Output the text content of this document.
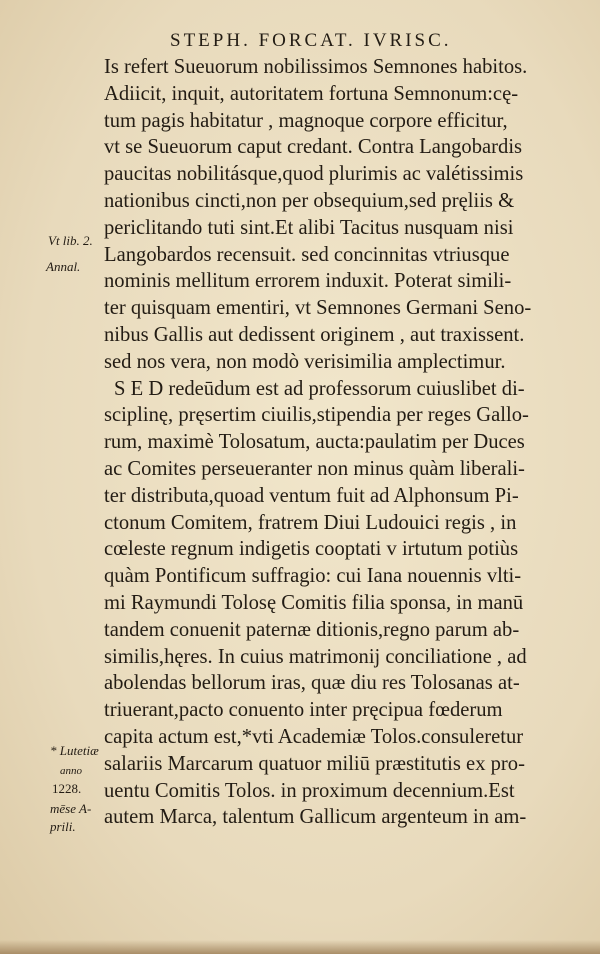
STEPH. FORCAT. IVRISC.
Is refert Sueuorum nobilissimos Semnones habitos.
Adiicit, inquit, autoritatem fortuna Semnonum:cę-
tum pagis habitatur , magnoque corpore efficitur,
vt se Sueuorum caput credant. Contra Langobardis
paucitas nobilitásque,quod plurimis ac valétissimis
nationibus cincti,non per obsequium,sed pręliis &
periclitando tuti sint.Et alibi Tacitus nusquam nisi
Langobardos recensuit. sed concinnitas vtriusque
nominis mellitum errorem induxit. Poterat simili-
ter quisquam ementiri, vt Semnones Germani Seno-
nibus Gallis aut dedissent originem , aut traxissent.
sed nos vera, non modò verisimilia amplectimur.
S E D redeūdum est ad professorum cuiuslibet di-
sciplinę, pręsertim ciuilis,stipendia per reges Gallo-
rum, maximè Tolosatum, aucta:paulatim per Duces
ac Comites perseueranter non minus quàm liberali-
ter distributa,quoad ventum fuit ad Alphonsum Pi-
ctonum Comitem, fratrem Diui Ludouici regis , in
cœleste regnum indigetis cooptati v irtutum potiùs
quàm Pontificum suffragio: cui Iana nouennis vlti-
mi Raymundi Tolosę Comitis filia sponsa, in manū
tandem conuenit paternæ ditionis,regno parum ab-
similis,hęres. In cuius matrimonij conciliatione , ad
abolendas bellorum iras, quæ diu res Tolosanas at-
triuerant,pacto conuento inter pręcipua fœderum
capita actum est,*vti Academiæ Tolos.consuleretur
salariis Marcarum quatuor miliū præstitutis ex pro-
uentu Comitis Tolos. in proximum decennium.Est
autem Marca, talentum Gallicum argenteum in am-
Vt lib. 2.
Annal.
* Lutetiæ
anno
1228.
mēse A-
prili.
